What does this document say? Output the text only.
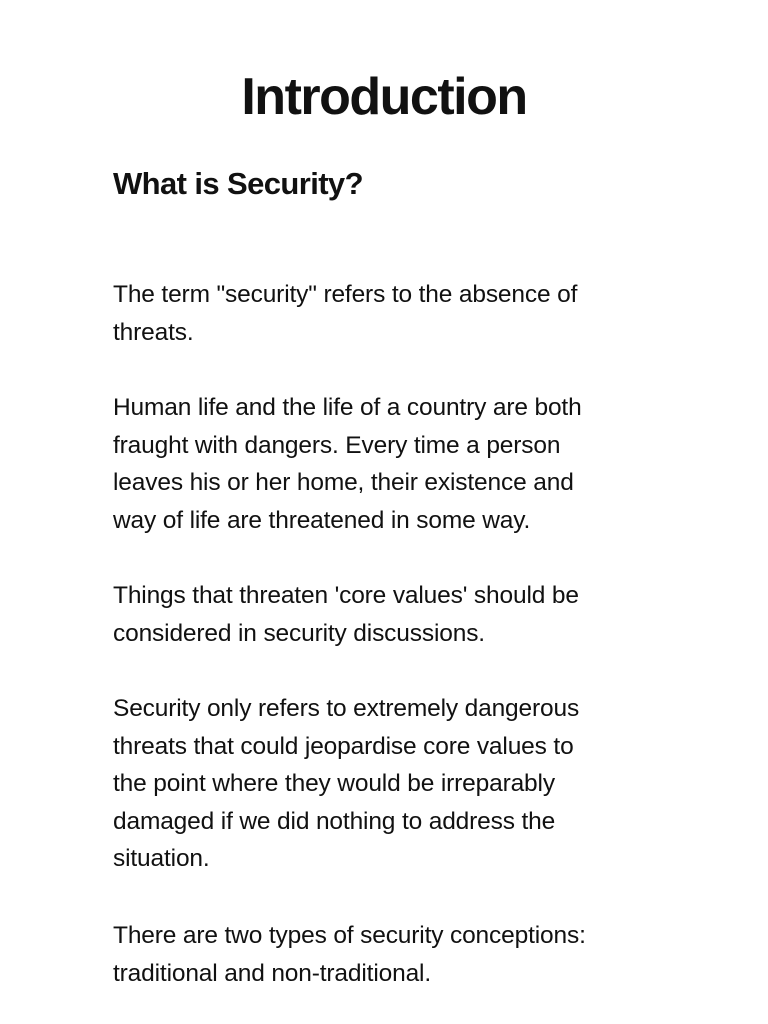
Introduction
What is Security?

The term "security" refers to the absence of
threats.

Human life and the life of a country are both
fraught with dangers. Every time a person
leaves his or her home, their existence and
way of life are threatened in some way.

Things that threaten 'core values' should be
considered in security discussions.

Security only refers to extremely dangerous
threats that could jeopardise core values to
the point where they would be irreparably
damaged if we did nothing to address the
situation.

There are two types of security conceptions:
traditional and non-traditional.
